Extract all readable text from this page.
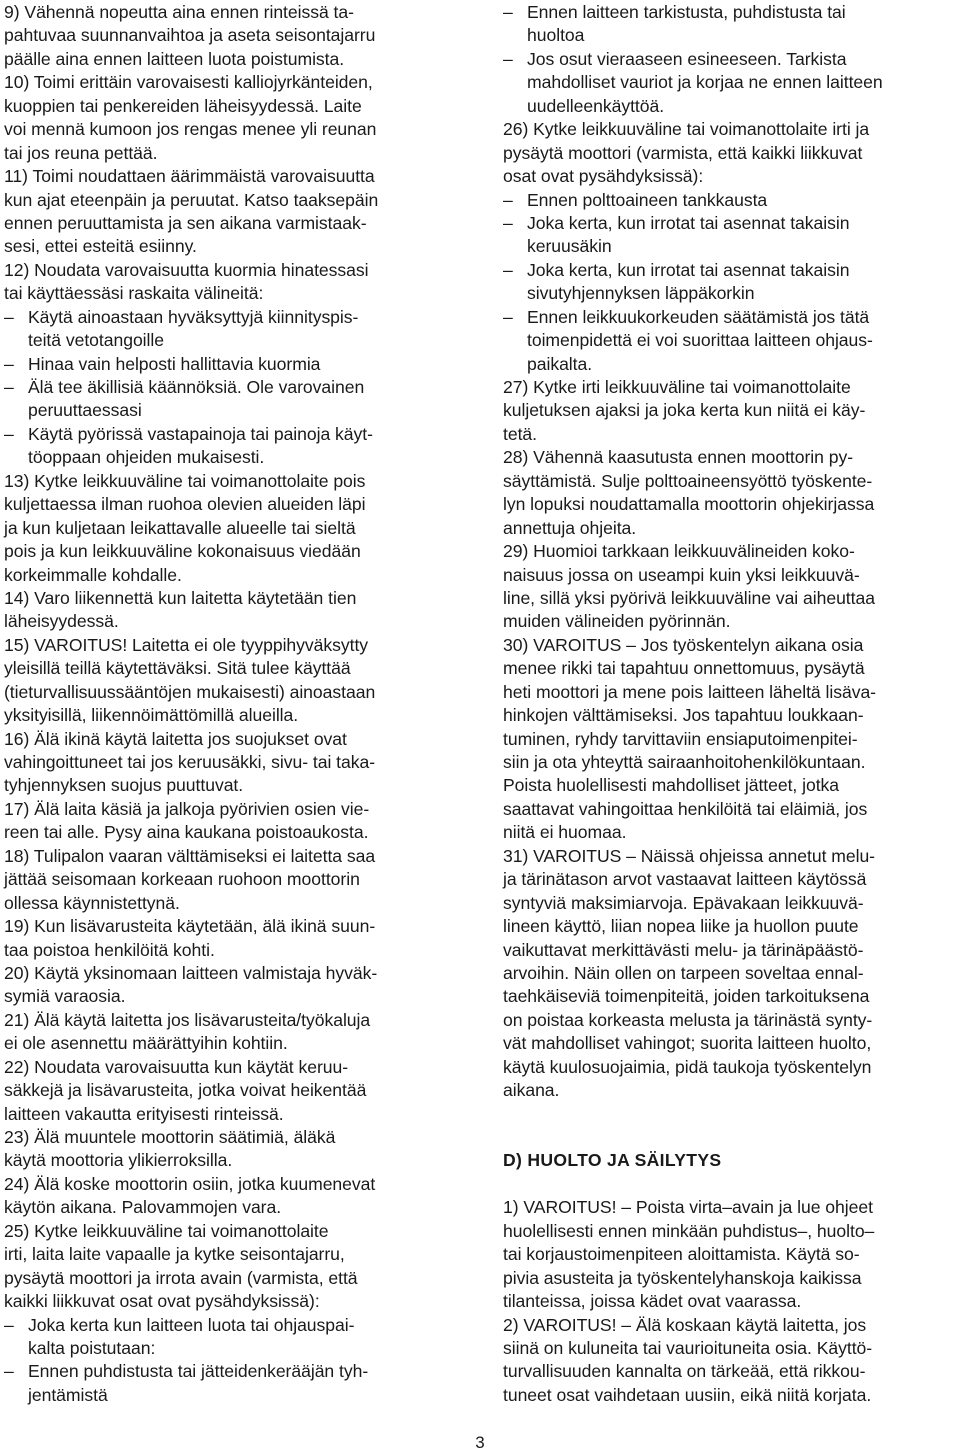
9) Vähennä nopeutta aina ennen rinteissä ta-
pahtuvaa suunnanvaihtoa ja aseta seisontajarru
päälle aina ennen laitteen luota poistumista.
10) Toimi erittäin varovaisesti kalliojyrkänteiden,
kuoppien tai penkereiden läheisyydessä. Laite
voi mennä kumoon jos rengas menee yli reunan
tai jos reuna pettää.
11) Toimi noudattaen äärimmäistä varovaisuutta
kun ajat eteenpäin ja peruutat. Katso taaksepäin
ennen peruuttamista ja sen aikana varmistaak-
sesi, ettei esteitä esiinny.
12) Noudata varovaisuutta kuormia hinatessasi
tai käyttäessäsi raskaita välineitä:
– Käytä ainoastaan hyväksyttyjä kiinnityspis-
teitä vetotangoille
– Hinaa vain helposti hallittavia kuormia
– Älä tee äkillisiä käännöksiä. Ole varovainen
peruuttaessasi
– Käytä pyörissä vastapainoja tai painoja käyt-
töoppaan ohjeiden mukaisesti.
13) Kytke leikkuuväline tai voimanottolaite pois
kuljettaessa ilman ruohoa olevien alueiden läpi
ja kun kuljetaan leikattavalle alueelle tai sieltä
pois ja kun leikkuuväline kokonaisuus viedään
korkeimmalle kohdalle.
14) Varo liikennettä kun laitetta käytetään tien
läheisyydessä.
15) VAROITUS! Laitetta ei ole tyyppihyväksytty
yleisillä teillä käytettäväksi. Sitä tulee käyttää
(tieturvallisuussääntöjen mukaisesti) ainoastaan
yksityisillä, liikennöimättömillä alueilla.
16) Älä ikinä käytä laitetta jos suojukset ovat
vahingoittuneet tai jos keruusäkki, sivu- tai taka-
tyhjennyksen suojus puuttuvat.
17) Älä laita käsiä ja jalkoja pyörivien osien vie-
reen tai alle. Pysy aina kaukana poistoaukosta.
18) Tulipalon vaaran välttämiseksi ei laitetta saa
jättää seisomaan korkeaan ruohoon moottorin
ollessa käynnistettynä.
19) Kun lisävarusteita käytetään, älä ikinä suun-
taa poistoa henkilöitä kohti.
20) Käytä yksinomaan laitteen valmistaja hyväk-
symiä varaosia.
21) Älä käytä laitetta jos lisävarusteita/työkaluja
ei ole asennettu määrättyihin kohtiin.
22) Noudata varovaisuutta kun käytät keruu-
säkkejä ja lisävarusteita, jotka voivat heikentää
laitteen vakautta erityisesti rinteissä.
23) Älä muuntele moottorin säätimiä, äläkä
käytä moottoria ylikierroksilla.
24) Älä koske moottorin osiin, jotka kuumenevat
käytön aikana. Palovammojen vara.
25) Kytke leikkuuväline tai voimanottolaite
irti, laita laite vapaalle ja kytke seisontajarru,
pysäytä moottori ja irrota avain (varmista, että
kaikki liikkuvat osat ovat pysähdyksissä):
– Joka kerta kun laitteen luota tai ohjauspai-
kalta poistutaan:
– Ennen puhdistusta tai jätteidenkerääjän tyh-
jentämistä
– Ennen laitteen tarkistusta, puhdistusta tai
huoltoa
– Jos osut vieraaseen esineeseen. Tarkista
mahdolliset vauriot ja korjaa ne ennen laitteen
uudelleenkäyttöä.
26) Kytke leikkuuväline tai voimanottolaite irti ja
pysäytä moottori (varmista, että kaikki liikkuvat
osat ovat pysähdyksissä):
– Ennen polttoaineen tankkausta
– Joka kerta, kun irrotat tai asennat takaisin
keruusäkin
– Joka kerta, kun irrotat tai asennat takaisin
sivutyhjennyksen läppäkorkin
– Ennen leikkuukorkeuden säätämistä jos tätä
toimenpidettä ei voi suorittaa laitteen ohjaus-
paikalta.
27) Kytke irti leikkuuväline tai voimanottolaite
kuljetuksen ajaksi ja joka kerta kun niitä ei käy-
tetä.
28) Vähennä kaasutusta ennen moottorin py-
säyttämistä. Sulje polttoaineensyöttö työskente-
lyn lopuksi noudattamalla moottorin ohjekirjassa
annettuja ohjeita.
29) Huomioi tarkkaan leikkuuvälineiden koko-
naisuus jossa on useampi kuin yksi leikkuuvä-
line, sillä yksi pyörivä leikkuuväline vai aiheuttaa
muiden välineiden pyörinnän.
30) VAROITUS – Jos työskentelyn aikana osia
menee rikki tai tapahtuu onnettomuus, pysäytä
heti moottori ja mene pois laitteen läheltä lisäva-
hinkojen välttämiseksi. Jos tapahtuu loukkaan-
tuminen, ryhdy tarvittaviin ensiaputoimenpitei-
siin ja ota yhteyttä sairaanhoitohenkilökuntaan.
Poista huolellisesti mahdolliset jätteet, jotka
saattavat vahingoittaa henkilöitä tai eläimiä, jos
niitä ei huomaa.
31) VAROITUS – Näissä ohjeissa annetut melu-
ja tärinätason arvot vastaavat laitteen käytössä
syntyviä maksimiarvoja. Epävakaan leikkuuvä-
lineen käyttö, liian nopea liike ja huollon puute
vaikuttavat merkittävästi melu- ja tärinäpäästö-
arvoihin. Näin ollen on tarpeen soveltaa ennal-
taehkäiseviä toimenpiteitä, joiden tarkoituksena
on poistaa korkeasta melusta ja tärinästä synty-
vät mahdolliset vahingot; suorita laitteen huolto,
käytä kuulosuojaimia, pidä taukoja työskentelyn
aikana.
D) HUOLTO JA SÄILYTYS
1) VAROITUS! – Poista virta–avain ja lue ohjeet
huolellisesti ennen minkään puhdistus–, huolto–
tai korjaustoimenpiteen aloittamista. Käytä so-
pivia asusteita ja työskentelyhanskoja kaikissa
tilanteissa, joissa kädet ovat vaarassa.
2) VAROITUS! – Älä koskaan käytä laitetta, jos
siinä on kuluneita tai vaurioituneita osia. Käyttö-
turvallisuuden kannalta on tärkeää, että rikkou-
tuneet osat vaihdetaan uusiin, eikä niitä korjata.
3
